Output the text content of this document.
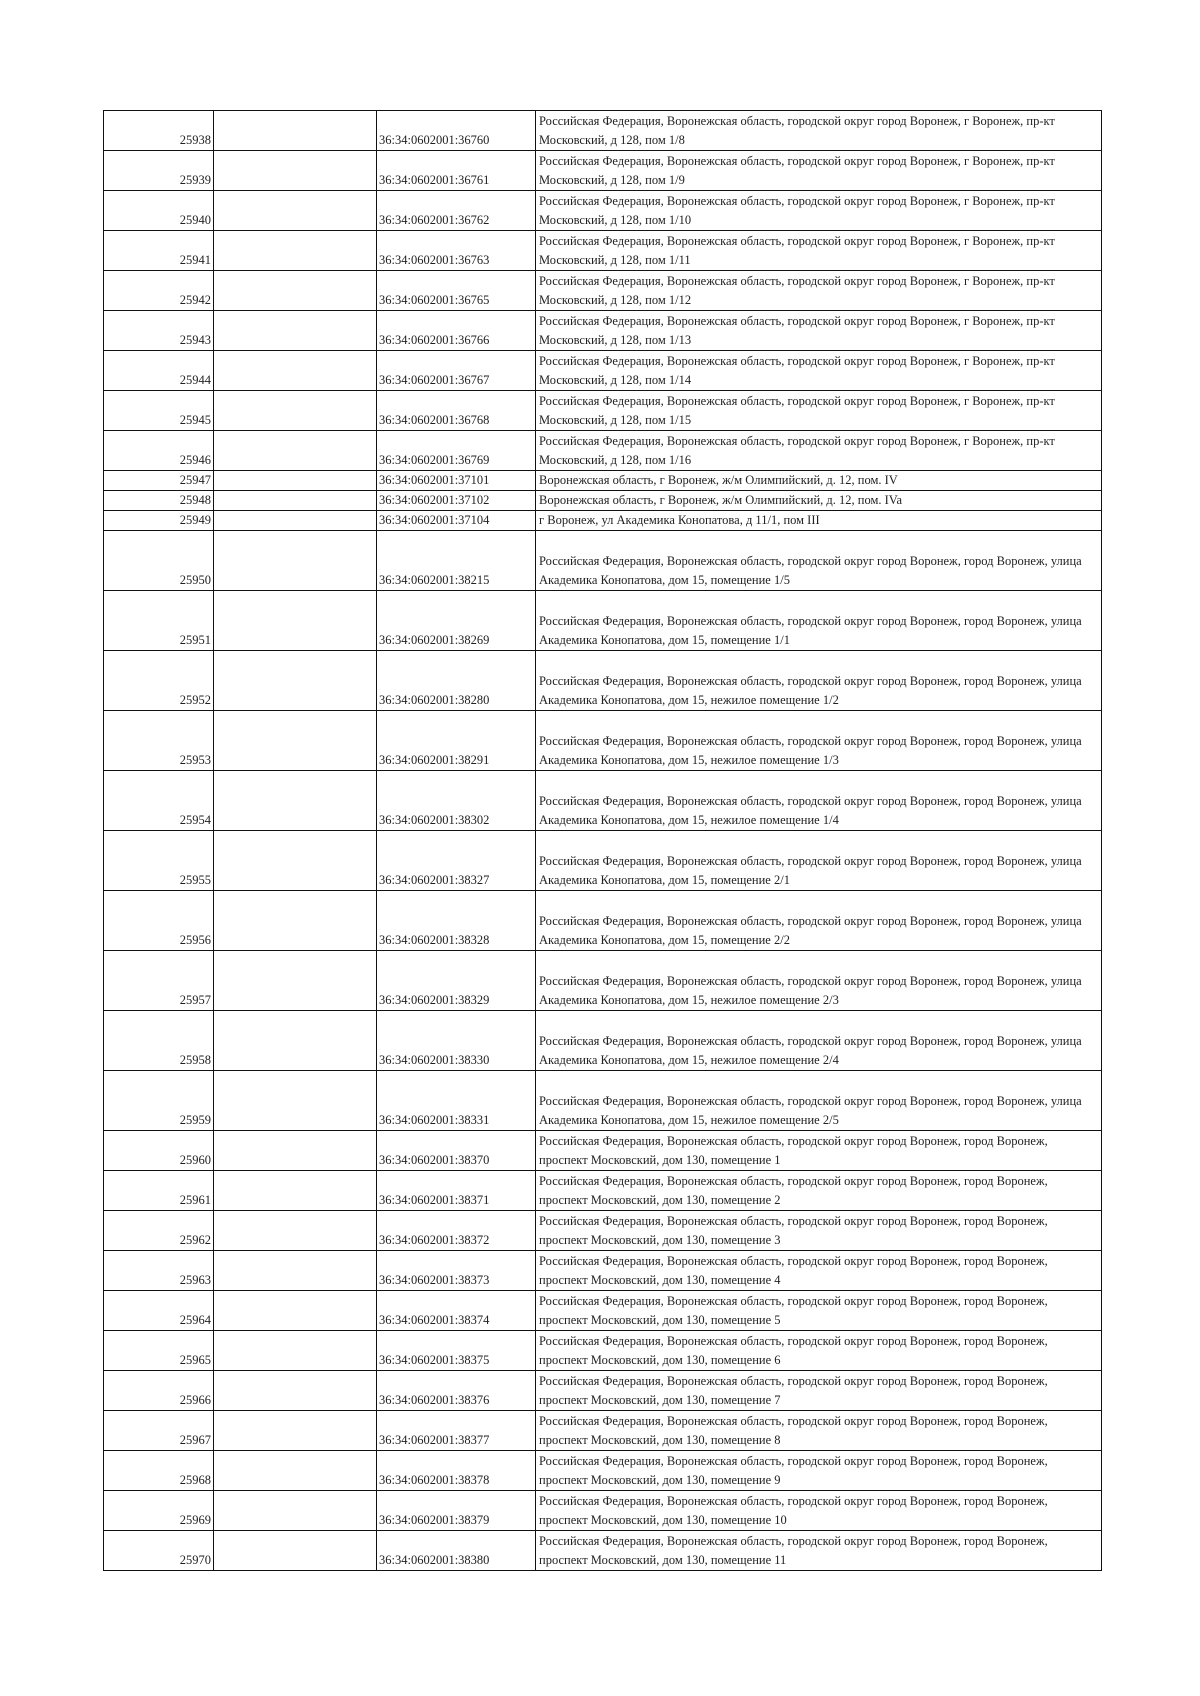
25938		36:34:0602001:36760	Российская Федерация, Воронежская область, городской округ город Воронеж, г Воронеж, пр-кт Московский, д 128, пом 1/8
25939		36:34:0602001:36761	Российская Федерация, Воронежская область, городской округ город Воронеж, г Воронеж, пр-кт Московский, д 128, пом 1/9
25940		36:34:0602001:36762	Российская Федерация, Воронежская область, городской округ город Воронеж, г Воронеж, пр-кт Московский, д 128, пом 1/10
25941		36:34:0602001:36763	Российская Федерация, Воронежская область, городской округ город Воронеж, г Воронеж, пр-кт Московский, д 128, пом 1/11
25942		36:34:0602001:36765	Российская Федерация, Воронежская область, городской округ город Воронеж, г Воронеж, пр-кт Московский, д 128, пом 1/12
25943		36:34:0602001:36766	Российская Федерация, Воронежская область, городской округ город Воронеж, г Воронеж, пр-кт Московский, д 128, пом 1/13
25944		36:34:0602001:36767	Российская Федерация, Воронежская область, городской округ город Воронеж, г Воронеж, пр-кт Московский, д 128, пом 1/14
25945		36:34:0602001:36768	Российская Федерация, Воронежская область, городской округ город Воронеж, г Воронеж, пр-кт Московский, д 128, пом 1/15
25946		36:34:0602001:36769	Российская Федерация, Воронежская область, городской округ город Воронеж, г Воронеж, пр-кт Московский, д 128, пом 1/16
25947		36:34:0602001:37101	Воронежская область, г Воронеж, ж/м Олимпийский, д. 12, пом. IV
25948		36:34:0602001:37102	Воронежская область, г Воронеж, ж/м Олимпийский, д. 12, пом. IVa
25949		36:34:0602001:37104	г Воронеж, ул Академика Конопатова, д 11/1, пом III
25950		36:34:0602001:38215	Российская Федерация, Воронежская область, городской округ город Воронеж, город Воронеж, улица Академика Конопатова, дом 15, помещение 1/5
25951		36:34:0602001:38269	Российская Федерация, Воронежская область, городской округ город Воронеж, город Воронеж, улица Академика Конопатова, дом 15, помещение 1/1
25952		36:34:0602001:38280	Российская Федерация, Воронежская область, городской округ город Воронеж, город Воронеж, улица Академика Конопатова, дом 15, нежилое помещение 1/2
25953		36:34:0602001:38291	Российская Федерация, Воронежская область, городской округ город Воронеж, город Воронеж, улица Академика Конопатова, дом 15, нежилое помещение 1/3
25954		36:34:0602001:38302	Российская Федерация, Воронежская область, городской округ город Воронеж, город Воронеж, улица Академика Конопатова, дом 15, нежилое помещение 1/4
25955		36:34:0602001:38327	Российская Федерация, Воронежская область, городской округ город Воронеж, город Воронеж, улица Академика Конопатова, дом 15, помещение 2/1
25956		36:34:0602001:38328	Российская Федерация, Воронежская область, городской округ город Воронеж, город Воронеж, улица Академика Конопатова, дом 15, помещение 2/2
25957		36:34:0602001:38329	Российская Федерация, Воронежская область, городской округ город Воронеж, город Воронеж, улица Академика Конопатова, дом 15, нежилое помещение 2/3
25958		36:34:0602001:38330	Российская Федерация, Воронежская область, городской округ город Воронеж, город Воронеж, улица Академика Конопатова, дом 15, нежилое помещение 2/4
25959		36:34:0602001:38331	Российская Федерация, Воронежская область, городской округ город Воронеж, город Воронеж, улица Академика Конопатова, дом 15, нежилое помещение 2/5
25960		36:34:0602001:38370	Российская Федерация, Воронежская область, городской округ город Воронеж, город Воронеж, проспект Московский, дом 130, помещение 1
25961		36:34:0602001:38371	Российская Федерация, Воронежская область, городской округ город Воронеж, город Воронеж, проспект Московский, дом 130, помещение 2
25962		36:34:0602001:38372	Российская Федерация, Воронежская область, городской округ город Воронеж, город Воронеж, проспект Московский, дом 130, помещение 3
25963		36:34:0602001:38373	Российская Федерация, Воронежская область, городской округ город Воронеж, город Воронеж, проспект Московский, дом 130, помещение 4
25964		36:34:0602001:38374	Российская Федерация, Воронежская область, городской округ город Воронеж, город Воронеж, проспект Московский, дом 130, помещение 5
25965		36:34:0602001:38375	Российская Федерация, Воронежская область, городской округ город Воронеж, город Воронеж, проспект Московский, дом 130, помещение 6
25966		36:34:0602001:38376	Российская Федерация, Воронежская область, городской округ город Воронеж, город Воронеж, проспект Московский, дом 130, помещение 7
25967		36:34:0602001:38377	Российская Федерация, Воронежская область, городской округ город Воронеж, город Воронеж, проспект Московский, дом 130, помещение 8
25968		36:34:0602001:38378	Российская Федерация, Воронежская область, городской округ город Воронеж, город Воронеж, проспект Московский, дом 130, помещение 9
25969		36:34:0602001:38379	Российская Федерация, Воронежская область, городской округ город Воронеж, город Воронеж, проспект Московский, дом 130, помещение 10
25970		36:34:0602001:38380	Российская Федерация, Воронежская область, городской округ город Воронеж, город Воронеж, проспект Московский, дом 130, помещение 11
